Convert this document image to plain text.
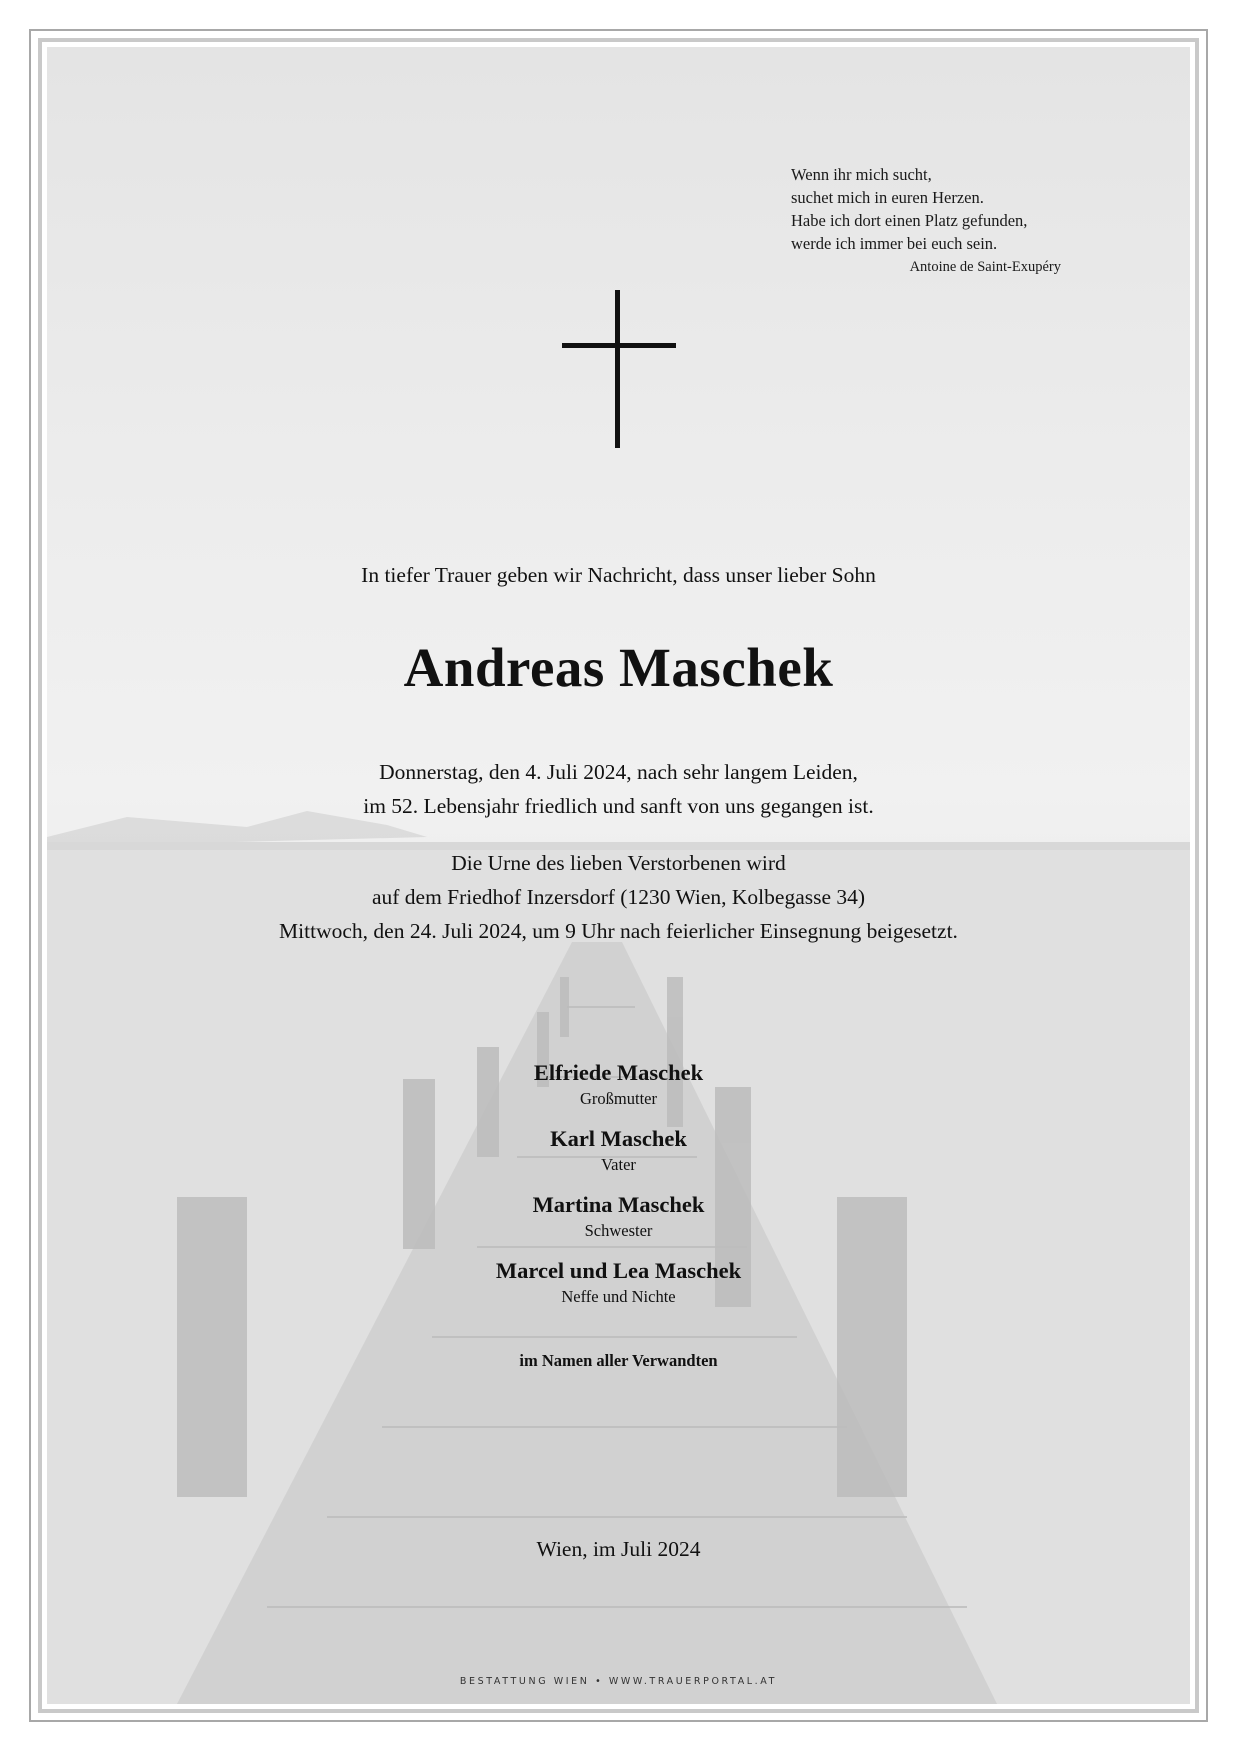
Wenn ihr mich sucht,
suchet mich in euren Herzen.
Habe ich dort einen Platz gefunden,
werde ich immer bei euch sein.
Antoine de Saint-Exupéry
In tiefer Trauer geben wir Nachricht, dass unser lieber Sohn
Andreas Maschek
Donnerstag, den 4. Juli 2024, nach sehr langem Leiden,
im 52. Lebensjahr friedlich und sanft von uns gegangen ist.
Die Urne des lieben Verstorbenen wird
auf dem Friedhof Inzersdorf (1230 Wien, Kolbegasse 34)
Mittwoch, den 24. Juli 2024, um 9 Uhr nach feierlicher Einsegnung beigesetzt.
Elfriede Maschek
Großmutter
Karl Maschek
Vater
Martina Maschek
Schwester
Marcel und Lea Maschek
Neffe und Nichte
im Namen aller Verwandten
Wien, im Juli 2024
BESTATTUNG WIEN • WWW.TRAUERPORTAL.AT
